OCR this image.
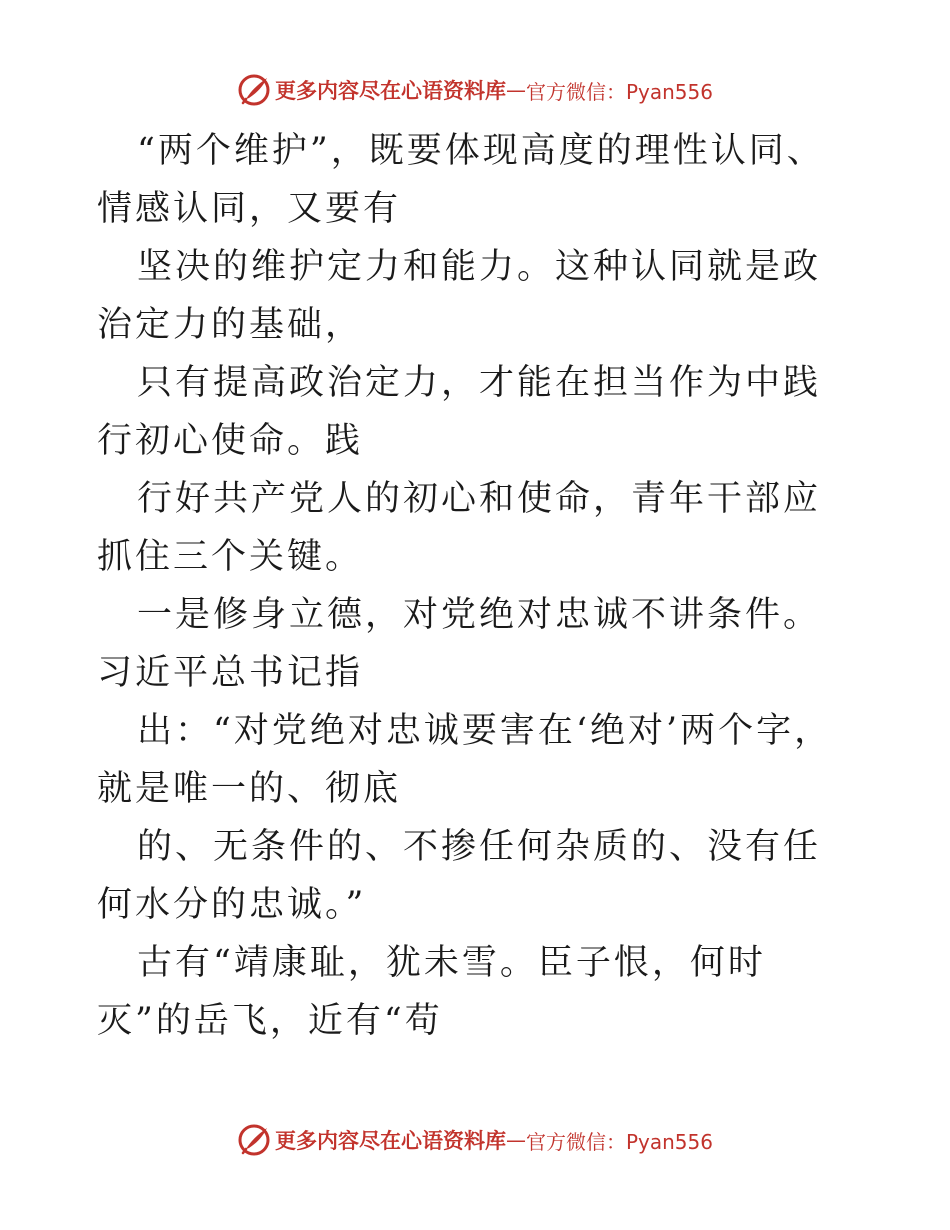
更多内容尽在心语资料库 — 官方微信：Pyan556

“两个维护”，既要体现高度的理性认同、情感认同，又要有

坚决的维护定力和能力。这种认同就是政治定力的基础，

只有提高政治定力，才能在担当作为中践行初心使命。践

行好共产党人的初心和使命，青年干部应抓住三个关键。

一是修身立德，对党绝对忠诚不讲条件。习近平总书记指

出：“对党绝对忠诚要害在‘绝对’两个字，就是唯一的、彻底

的、无条件的、不掺任何杂质的、没有任何水分的忠诚。”

古有“靖康耻，犹未雪。臣子恨，何时灭”的岳飞，近有“苟

更多内容尽在心语资料库 — 官方微信：Pyan556
